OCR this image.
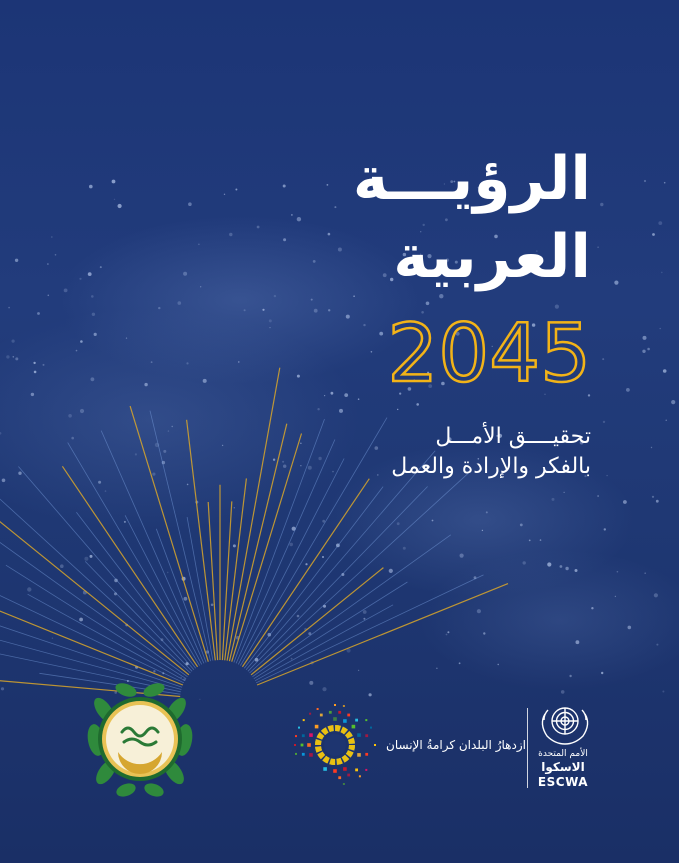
الرؤيـــة
العربية
2045
تحقيــــق الأمـــل
بالفكر والإرادة والعمل
ازدهارُ البلدان كرامةُ الإنسان
الأمم المتحدة
الاسكوا
ESCWA
